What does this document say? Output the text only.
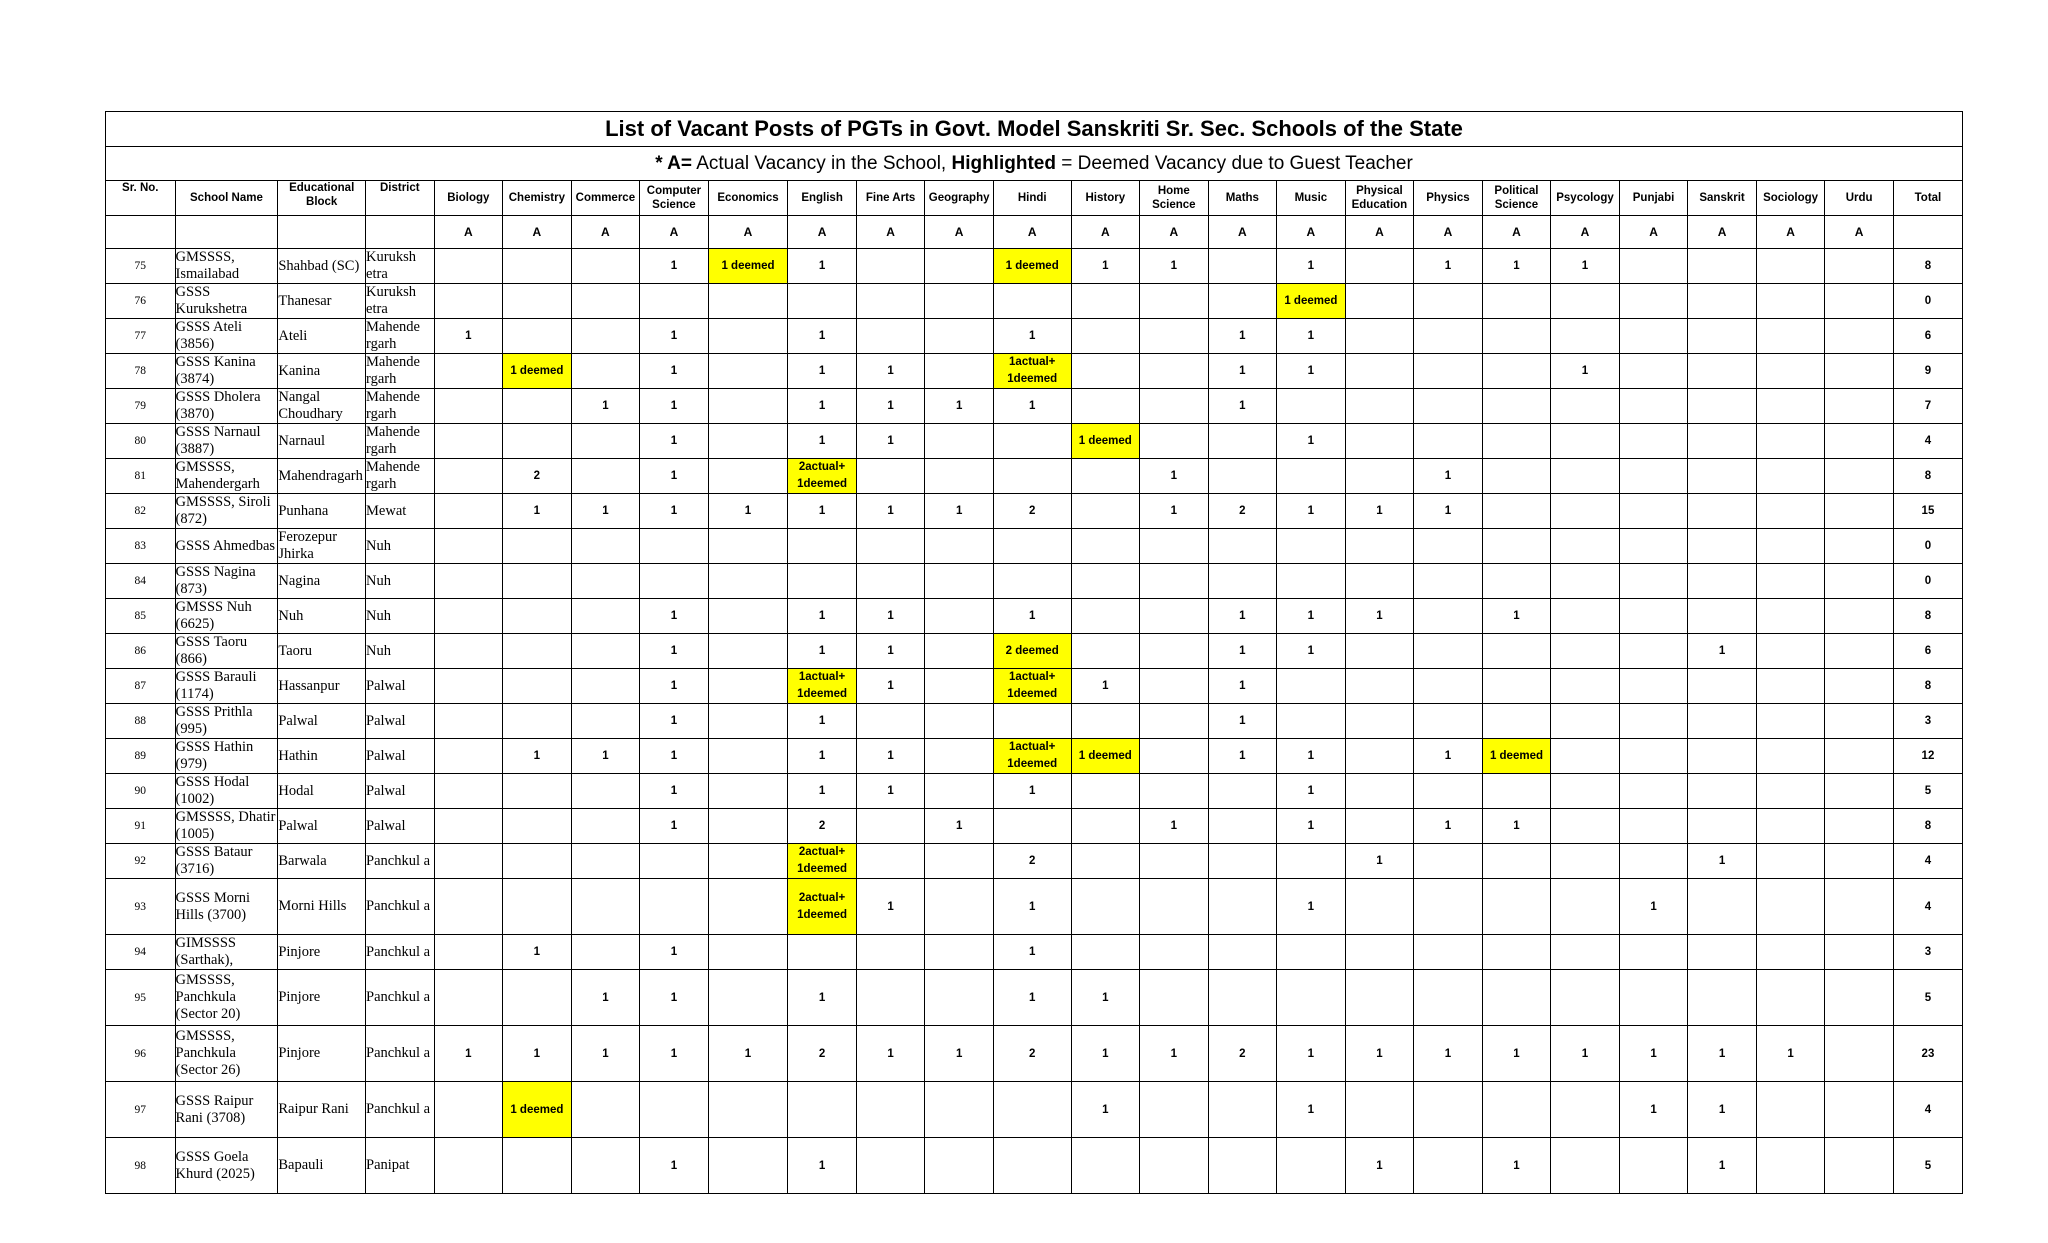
List of Vacant Posts of PGTs in Govt. Model Sanskriti Sr. Sec. Schools of the State																									
* A= Actual Vacancy in the School, Highlighted = Deemed Vacancy due to Guest Teacher																									
Sr. No.	School Name	Educational Block	District	Biology	Chemistry	Commerce	Computer Science	Economics	English	Fine Arts	Geography	Hindi	History	Home Science	Maths	Music	Physical Education	Physics	Political Science	Psycology	Punjabi	Sanskrit	Sociology	Urdu	Total
				A	A	A	A	A	A	A	A	A	A	A	A	A	A	A	A	A	A	A	A	A	
75	GMSSSS, Ismailabad	Shahbad (SC)	Kuruksh etra				1	1 deemed	1			1 deemed	1	1		1		1	1	1					8
76	GSSS Kurukshetra	Thanesar	Kuruksh etra													1 deemed									0
77	GSSS Ateli (3856)	Ateli	Mahende rgarh	1			1		1			1			1	1									6
78	GSSS Kanina (3874)	Kanina	Mahende rgarh		1 deemed		1		1	1		1actual+ 1deemed			1	1				1					9
79	GSSS Dholera (3870)	Nangal Choudhary	Mahende rgarh			1	1		1	1	1	1			1										7
80	GSSS Narnaul (3887)	Narnaul	Mahende rgarh				1		1	1			1 deemed			1									4
81	GMSSSS, Mahendergarh	Mahendragarh	Mahende rgarh		2		1		2actual+ 1deemed					1				1							8
82	GMSSSS, Siroli (872)	Punhana	Mewat		1	1	1	1	1	1	1	2		1	2	1	1	1							15
83	GSSS Ahmedbas	Ferozepur Jhirka	Nuh																						0
84	GSSS Nagina (873)	Nagina	Nuh																						0
85	GMSSS Nuh (6625)	Nuh	Nuh				1		1	1		1			1	1	1		1						8
86	GSSS Taoru (866)	Taoru	Nuh				1		1	1		2 deemed			1	1						1			6
87	GSSS Barauli (1174)	Hassanpur	Palwal				1		1actual+ 1deemed	1		1actual+ 1deemed	1		1										8
88	GSSS Prithla (995)	Palwal	Palwal				1		1						1										3
89	GSSS Hathin (979)	Hathin	Palwal		1	1	1		1	1		1actual+ 1deemed	1 deemed		1	1		1	1 deemed						12
90	GSSS Hodal (1002)	Hodal	Palwal				1		1	1		1				1									5
91	GMSSSS, Dhatir (1005)	Palwal	Palwal				1		2		1			1		1		1	1						8
92	GSSS Bataur (3716)	Barwala	Panchkul a						2actual+ 1deemed			2					1					1			4
93	GSSS Morni Hills (3700)	Morni Hills	Panchkul a						2actual+ 1deemed	1		1				1					1				4
94	GIMSSSS (Sarthak),	Pinjore	Panchkul a		1		1					1													3
95	GMSSSS, Panchkula (Sector 20)	Pinjore	Panchkul a			1	1		1			1	1												5
96	GMSSSS, Panchkula (Sector 26)	Pinjore	Panchkul a	1	1	1	1	1	2	1	1	2	1	1	2	1	1	1	1	1	1	1	1		23
97	GSSS Raipur Rani (3708)	Raipur Rani	Panchkul a		1 deemed								1			1					1	1			4
98	GSSS Goela Khurd (2025)	Bapauli	Panipat				1		1								1		1			1			5
